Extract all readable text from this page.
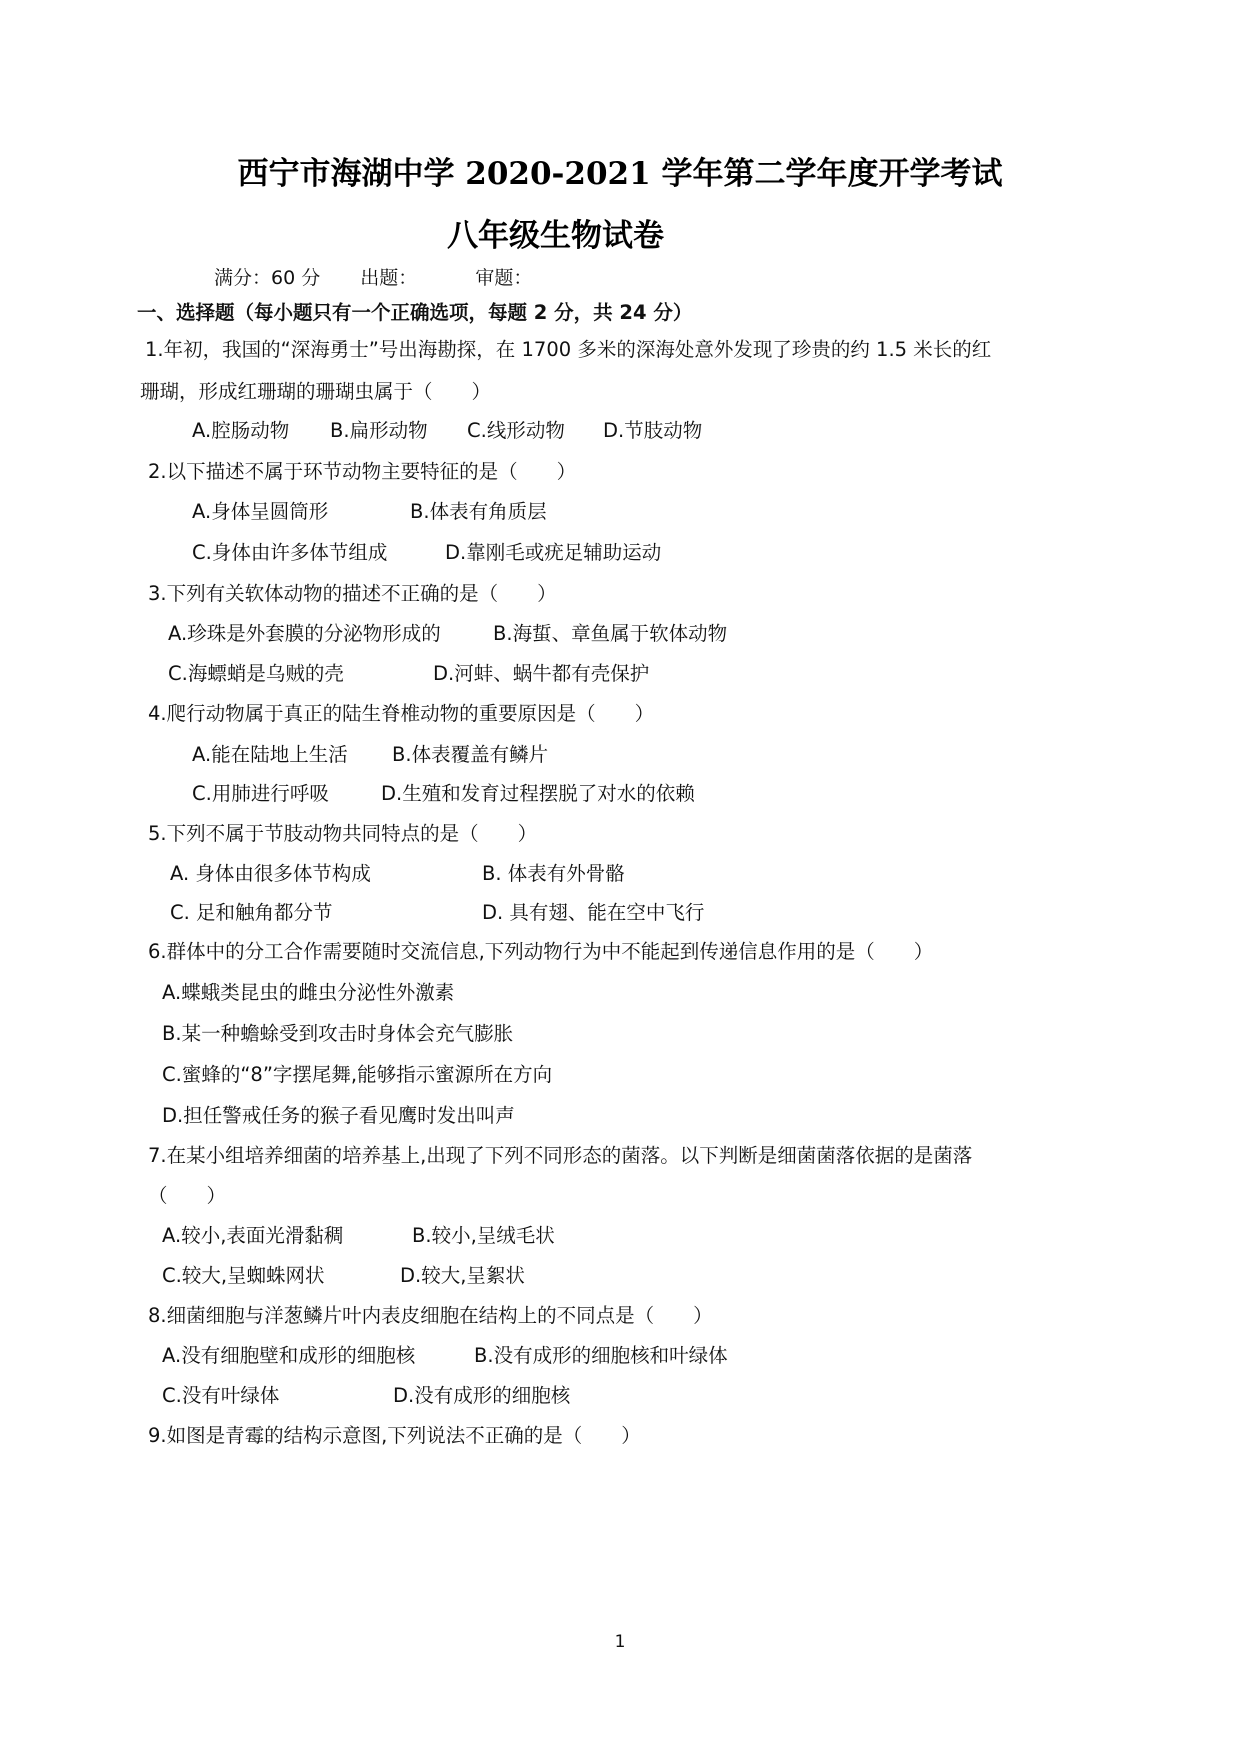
西宁市海湖中学 2020-2021 学年第二学年度开学考试
八年级生物试卷
满分：60 分 出题：	审题：
一、选择题（每小题只有一个正确选项，每题 2 分，共 24 分）
1.年初，我国的“深海勇士”号出海勘探，在 1700 多米的深海处意外发现了珍贵的约 1.5 米长的红
珊瑚，形成红珊瑚的珊瑚虫属于（　　）
A.腔肠动物 B.扁形动物 C.线形动物 D.节肢动物
2.以下描述不属于环节动物主要特征的是（　　）
A.身体呈圆筒形	B.体表有角质层
C.身体由许多体节组成	D.靠刚毛或疣足辅助运动
3.下列有关软体动物的描述不正确的是（　　）
A.珍珠是外套膜的分泌物形成的	B.海蜇、章鱼属于软体动物
C.海螵蛸是乌贼的壳	D.河蚌、蜗牛都有壳保护
4.爬行动物属于真正的陆生脊椎动物的重要原因是（　　）
A.能在陆地上生活 B.体表覆盖有鳞片
C.用肺进行呼吸	D.生殖和发育过程摆脱了对水的依赖
5.下列不属于节肢动物共同特点的是（　　）
A. 身体由很多体节构成	B. 体表有外骨骼
C. 足和触角都分节	D. 具有翅、能在空中飞行
6.群体中的分工合作需要随时交流信息,下列动物行为中不能起到传递信息作用的是（　　）
A.蝶蛾类昆虫的雌虫分泌性外激素
B.某一种蟾蜍受到攻击时身体会充气膨胀
C.蜜蜂的“8”字摆尾舞,能够指示蜜源所在方向
D.担任警戒任务的猴子看见鹰时发出叫声
7.在某小组培养细菌的培养基上,出现了下列不同形态的菌落。以下判断是细菌菌落依据的是菌落
（　　）
A.较小,表面光滑黏稠	B.较小,呈绒毛状
C.较大,呈蜘蛛网状	D.较大,呈絮状
8.细菌细胞与洋葱鳞片叶内表皮细胞在结构上的不同点是（　　）
A.没有细胞壁和成形的细胞核	B.没有成形的细胞核和叶绿体
C.没有叶绿体	D.没有成形的细胞核
9.如图是青霉的结构示意图,下列说法不正确的是（　　）
1
